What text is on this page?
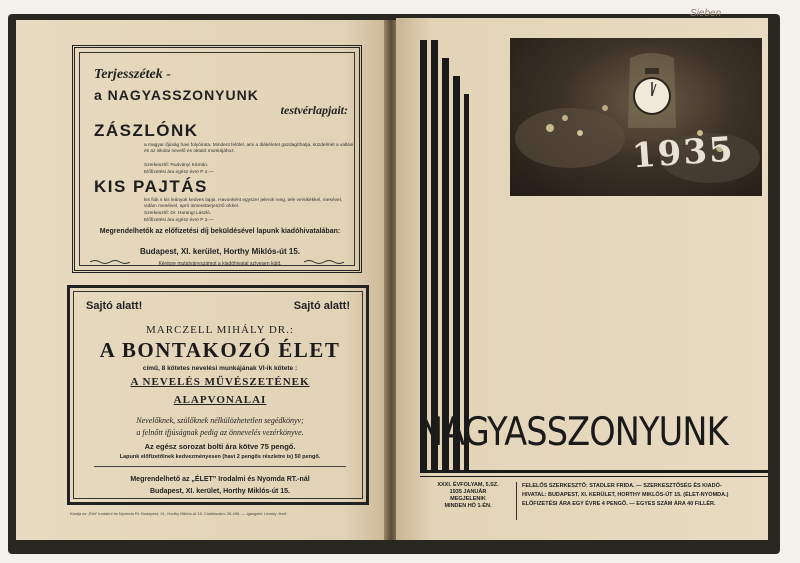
Sieben
Terjesszétek -
a NAGYASSZONYUNK
testvérlapjait:
ZÁSZLÓNK
a magyar ifjúság havi folyóirata. Mindent felölel, ami a diákéletet gazdagíthatja, küzdelmét a vallási és az iskolai nevelő és oktató munkájához.
Szerkesztő: Rudványi Kámán.
Előfizetési ára egész évre P 4.—
KIS PAJTÁS
kis fiúk s kis leányok kedves lapja. Havonként egyszer jelenik meg, tele versikékkel, mesével, vidám meséivel, apró ismeretterjesztő cikkel.
Szerkesztő: Dr. Harangi László.
Előfizetési ára egész évre P 3.—
Megrendelhetők az előfizetési díj beküldésével lapunk kiadóhivatalában:
Budapest, XI. kerület, Horthy Miklós-út 15.
Kérésre mutatványszámot a kiadóhivatal szívesen küld.
Sajtó alatt!	Sajtó alatt!
MARCZELL MIHÁLY DR.:
A BONTAKOZÓ ÉLET
című, 8 kötetes nevelési munkájának VI-ik kötete :
A NEVELÉS MŰVÉSZETÉNEK
ALAPVONALAI
Nevelőknek, szülőknek nélkülözhetetlen segédkönyv;
a felnőtt ifjúságnak pedig az önnevelés vezérkönyve.
Az egész sorozat bolti ára kötve 75 pengő.
Lapunk előfizetőinek kedvezményesen (havi 2 pengős részletre is) 50 pengő.
Megrendelhető az „ÉLET” Irodalmi és Nyomda RT.-nál
Budapest, XI. kerület, Horthy Miklós-út 15.
Kiadja az „Élet” Irodalmi és Nyomda Rt. Budapest, XI., Horthy Miklós-út 15. Csekkszám: 26.496. — Igazgató: Lécsky Jenő.
1935
NAGYASSZONYUNK
XXXI. ÉVFOLYAM, 5.SZ.
1935 JANUÁR
MEGJELENIK
MINDEN HÓ 1-ÉN.
FELELŐS SZERKESZTŐ: STADLER FRIDA. — SZERKESZTŐSÉG ÉS KIADÓ-
HIVATAL: BUDAPEST, XI. KERÜLET, HORTHY MIKLÓS-ÚT 15. (ÉLET-NYOMDA.)
ELŐFIZETÉSI ÁRA EGY ÉVRE 4 PENGŐ. — EGYES SZÁM ÁRA 40 FILLÉR.
